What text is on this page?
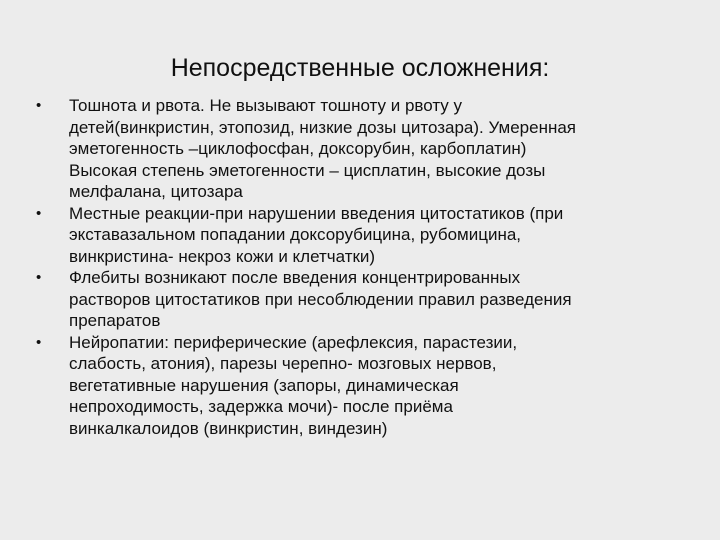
Непосредственные осложнения:
• Тошнота и рвота. Не вызывают тошноту и рвоту у
детей(винкристин, этопозид, низкие дозы цитозара). Умеренная
эметогенность –циклофосфан, доксорубин, карбоплатин)
Высокая степень эметогенности – цисплатин, высокие дозы
мелфалана, цитозара
• Местные реакции-при нарушении введения цитостатиков (при
экставазальном попадании доксорубицина, рубомицина,
винкристина- некроз кожи и клетчатки)
• Флебиты возникают после введения концентрированных
растворов цитостатиков при несоблюдении правил разведения
препаратов
• Нейропатии: периферические (арефлексия, парастезии,
слабость, атония), парезы черепно- мозговых нервов,
вегетативные нарушения (запоры, динамическая
непроходимость, задержка мочи)- после приёма
винкалкалоидов (винкристин, виндезин)
